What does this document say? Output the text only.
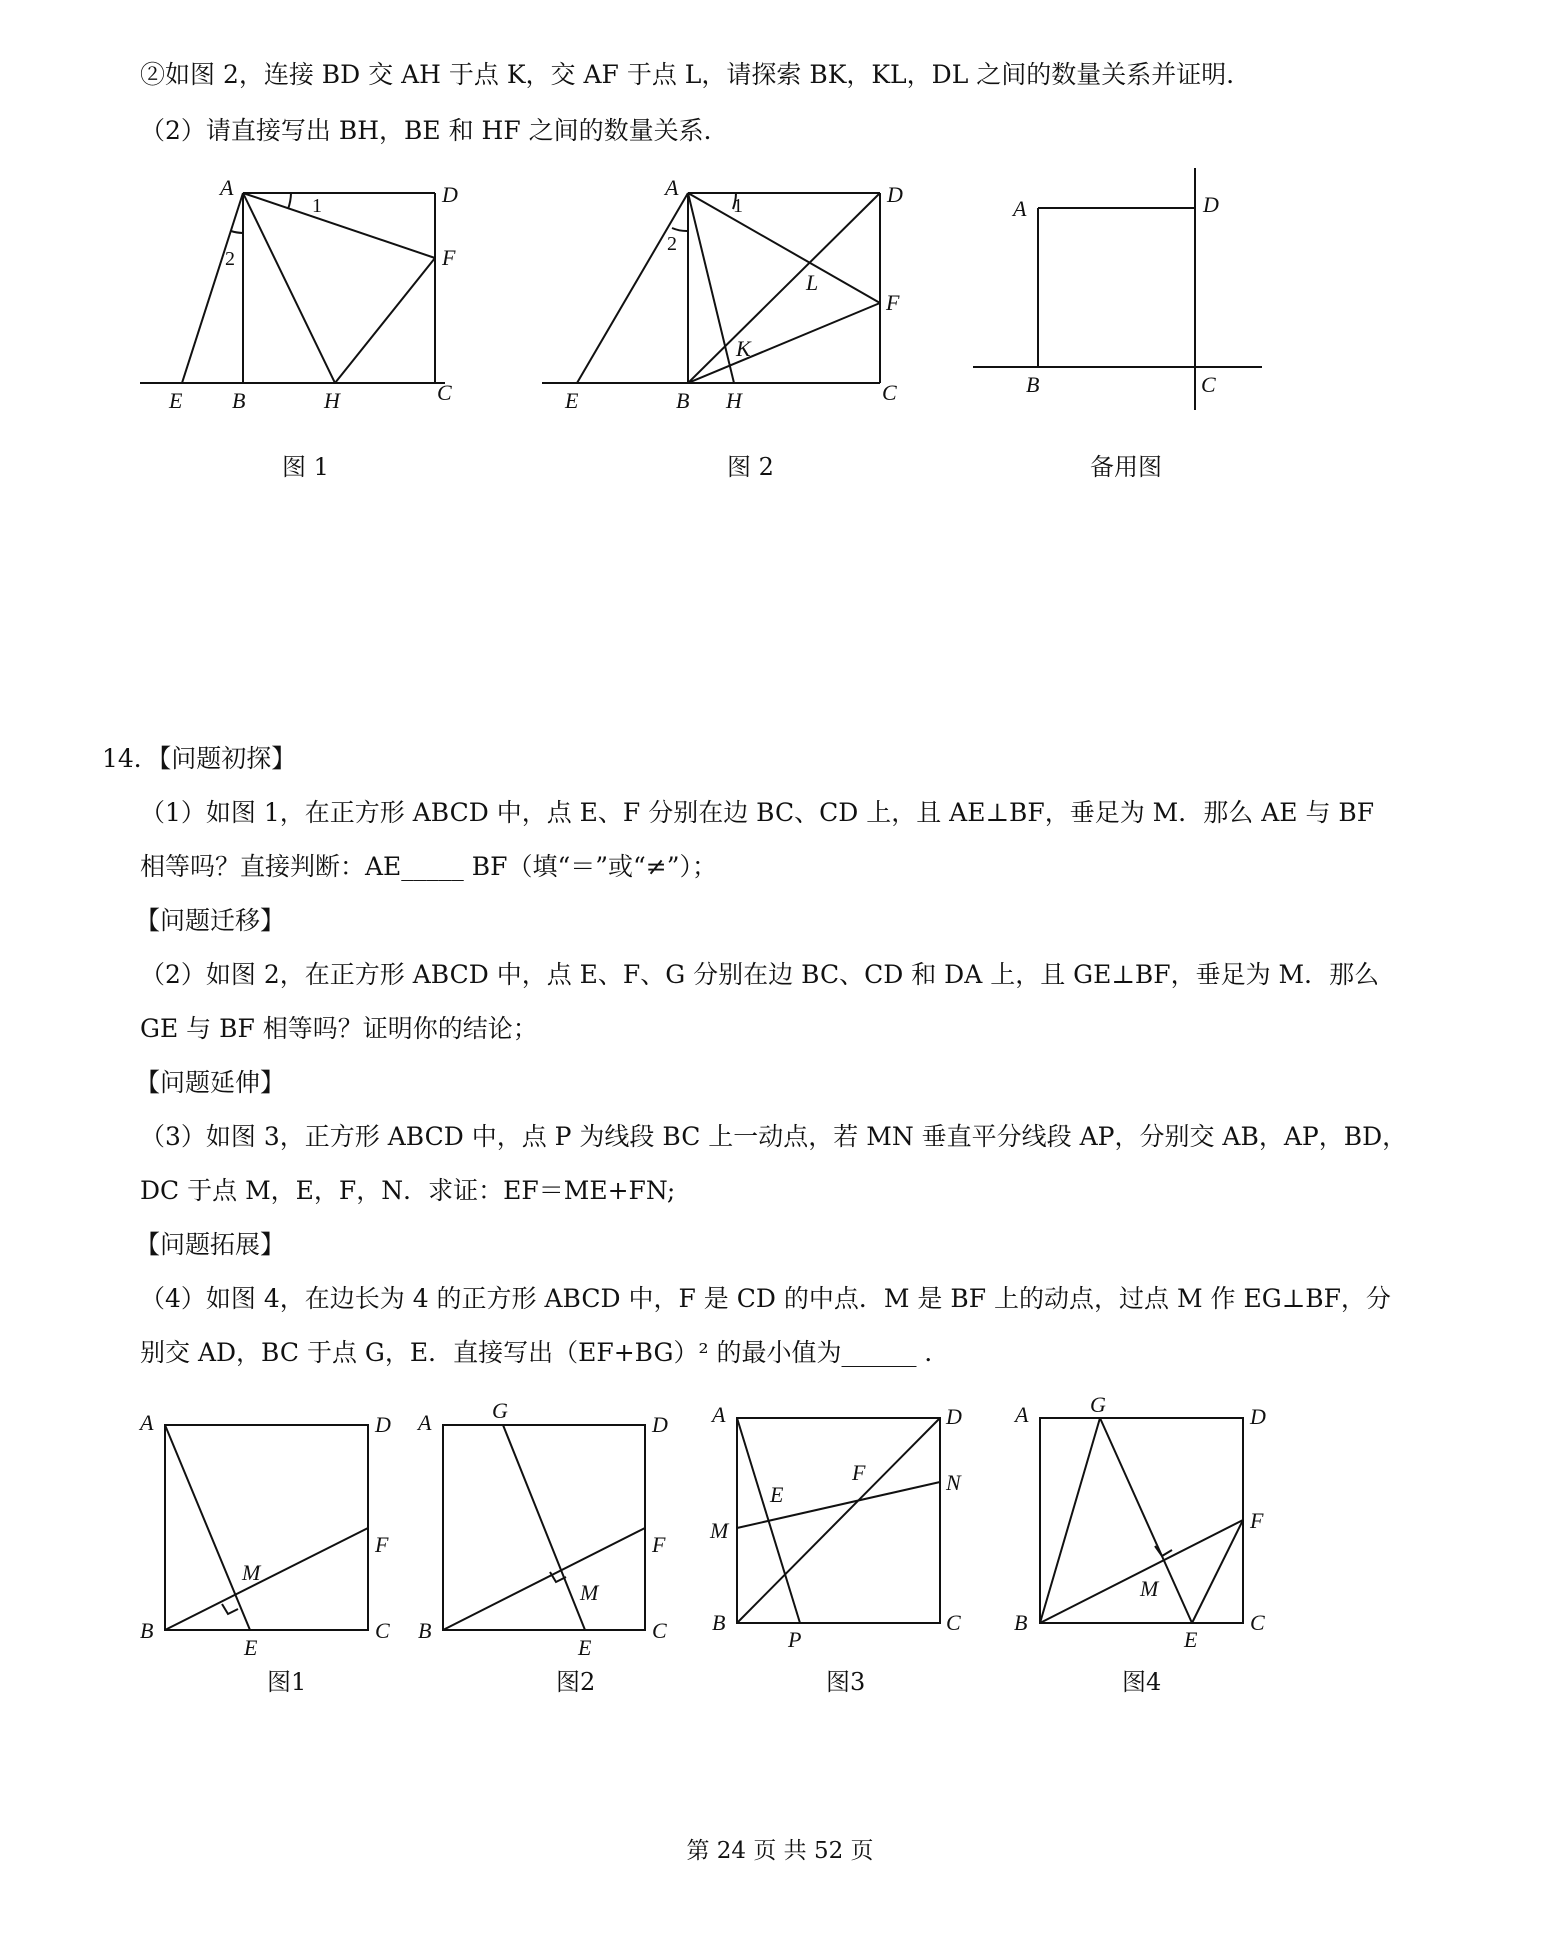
②如图 2，连接 BD 交 AH 于点 K，交 AF 于点 L，请探索 BK，KL，DL 之间的数量关系并证明．
（2）请直接写出 BH，BE 和 HF 之间的数量关系．
A	D
F
C
E B	H
1
2
图 1
A	D
F
L
K
C
E	B H
1
2
图 2
A	D
B	C
备用图
14．【问题初探】
（1）如图 1，在正方形 ABCD 中，点 E、F 分别在边 BC、CD 上，且 AE⊥BF，垂足为 M．那么 AE 与 BF
相等吗？直接判断：AE_____ BF（填“＝”或“≠”）；
【问题迁移】
（2）如图 2，在正方形 ABCD 中，点 E、F、G 分别在边 BC、CD 和 DA 上，且 GE⊥BF，垂足为 M．那么
GE 与 BF 相等吗？证明你的结论；
【问题延伸】
（3）如图 3，正方形 ABCD 中，点 P 为线段 BC 上一动点，若 MN 垂直平分线段 AP，分别交 AB，AP，BD，
DC 于点 M，E，F，N．求证：EF＝ME+FN;
【问题拓展】
（4）如图 4，在边长为 4 的正方形 ABCD 中，F 是 CD 的中点．M 是 BF 上的动点，过点 M 作 EG⊥BF，分
别交 AD，BC 于点 G，E．直接写出（EF+BG）² 的最小值为______ ．
A	D
F
M
B
E
C
图1
A	G
D
F
M
B
E
C
图2
A	D
N
F
E
M
B
P
C
图3
A	G	D
F
M
B
E
C
图4
第 24 页 共 52 页
